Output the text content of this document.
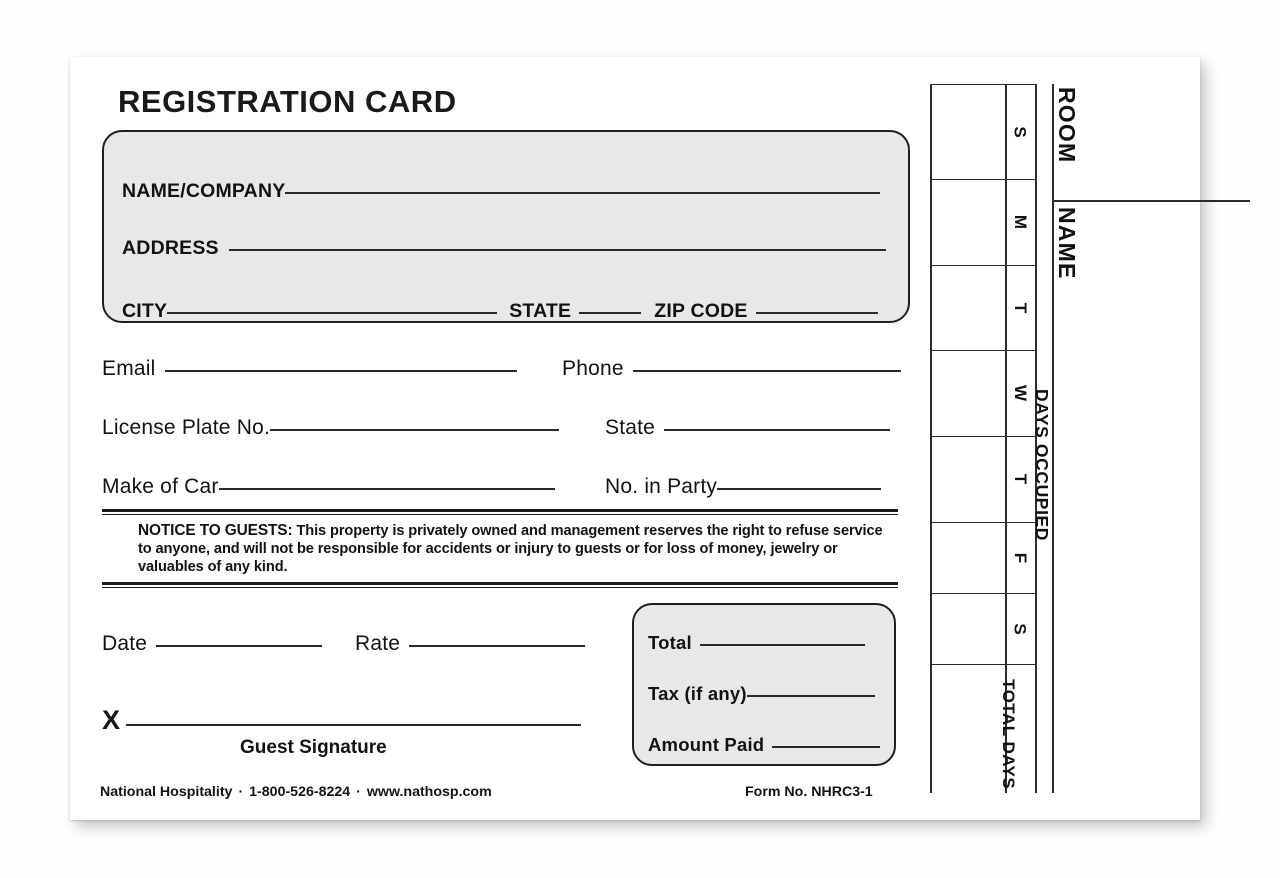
REGISTRATION CARD
NAME/COMPANY
ADDRESS
CITY	STATE	ZIP CODE
Email	Phone
License Plate No.	State
Make of Car	No. in Party
NOTICE TO GUESTS: This property is privately owned and management reserves the right to refuse service to anyone, and will not be responsible for accidents or injury to guests or for loss of money, jewelry or valuables of any kind.
Date	Rate
X
Guest Signature
Total
Tax (if any)
Amount Paid
National Hospitality · 1-800-526-8224 · www.nathosp.com	Form No. NHRC3-1
S
M
T
W
T
F
S
DAYS OCCUPIED
TOTAL DAYS
ROOM
NAME
